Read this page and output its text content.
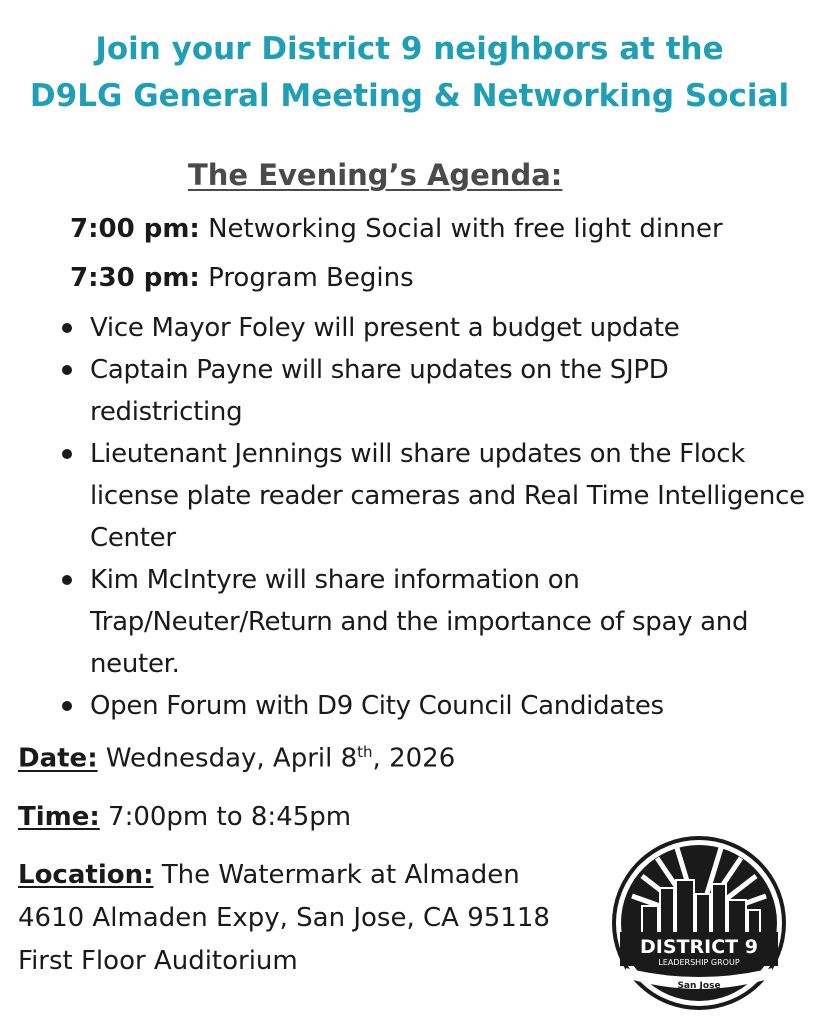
Join your District 9 neighbors at the
D9LG General Meeting & Networking Social
The Evening’s Agenda:
7:00 pm: Networking Social with free light dinner
7:30 pm: Program Begins
Vice Mayor Foley will present a budget update
Captain Payne will share updates on the SJPD redistricting
Lieutenant Jennings will share updates on the Flock license plate reader cameras and Real Time Intelligence Center
Kim McIntyre will share information on Trap/Neuter/Return and the importance of spay and neuter.
Open Forum with D9 City Council Candidates
Date: Wednesday, April 8th, 2026
Time: 7:00pm to 8:45pm
Location: The Watermark at Almaden
4610 Almaden Expy, San Jose, CA 95118
First Floor Auditorium	DISTRICT 9
LEADERSHIP GROUP
San Jose
